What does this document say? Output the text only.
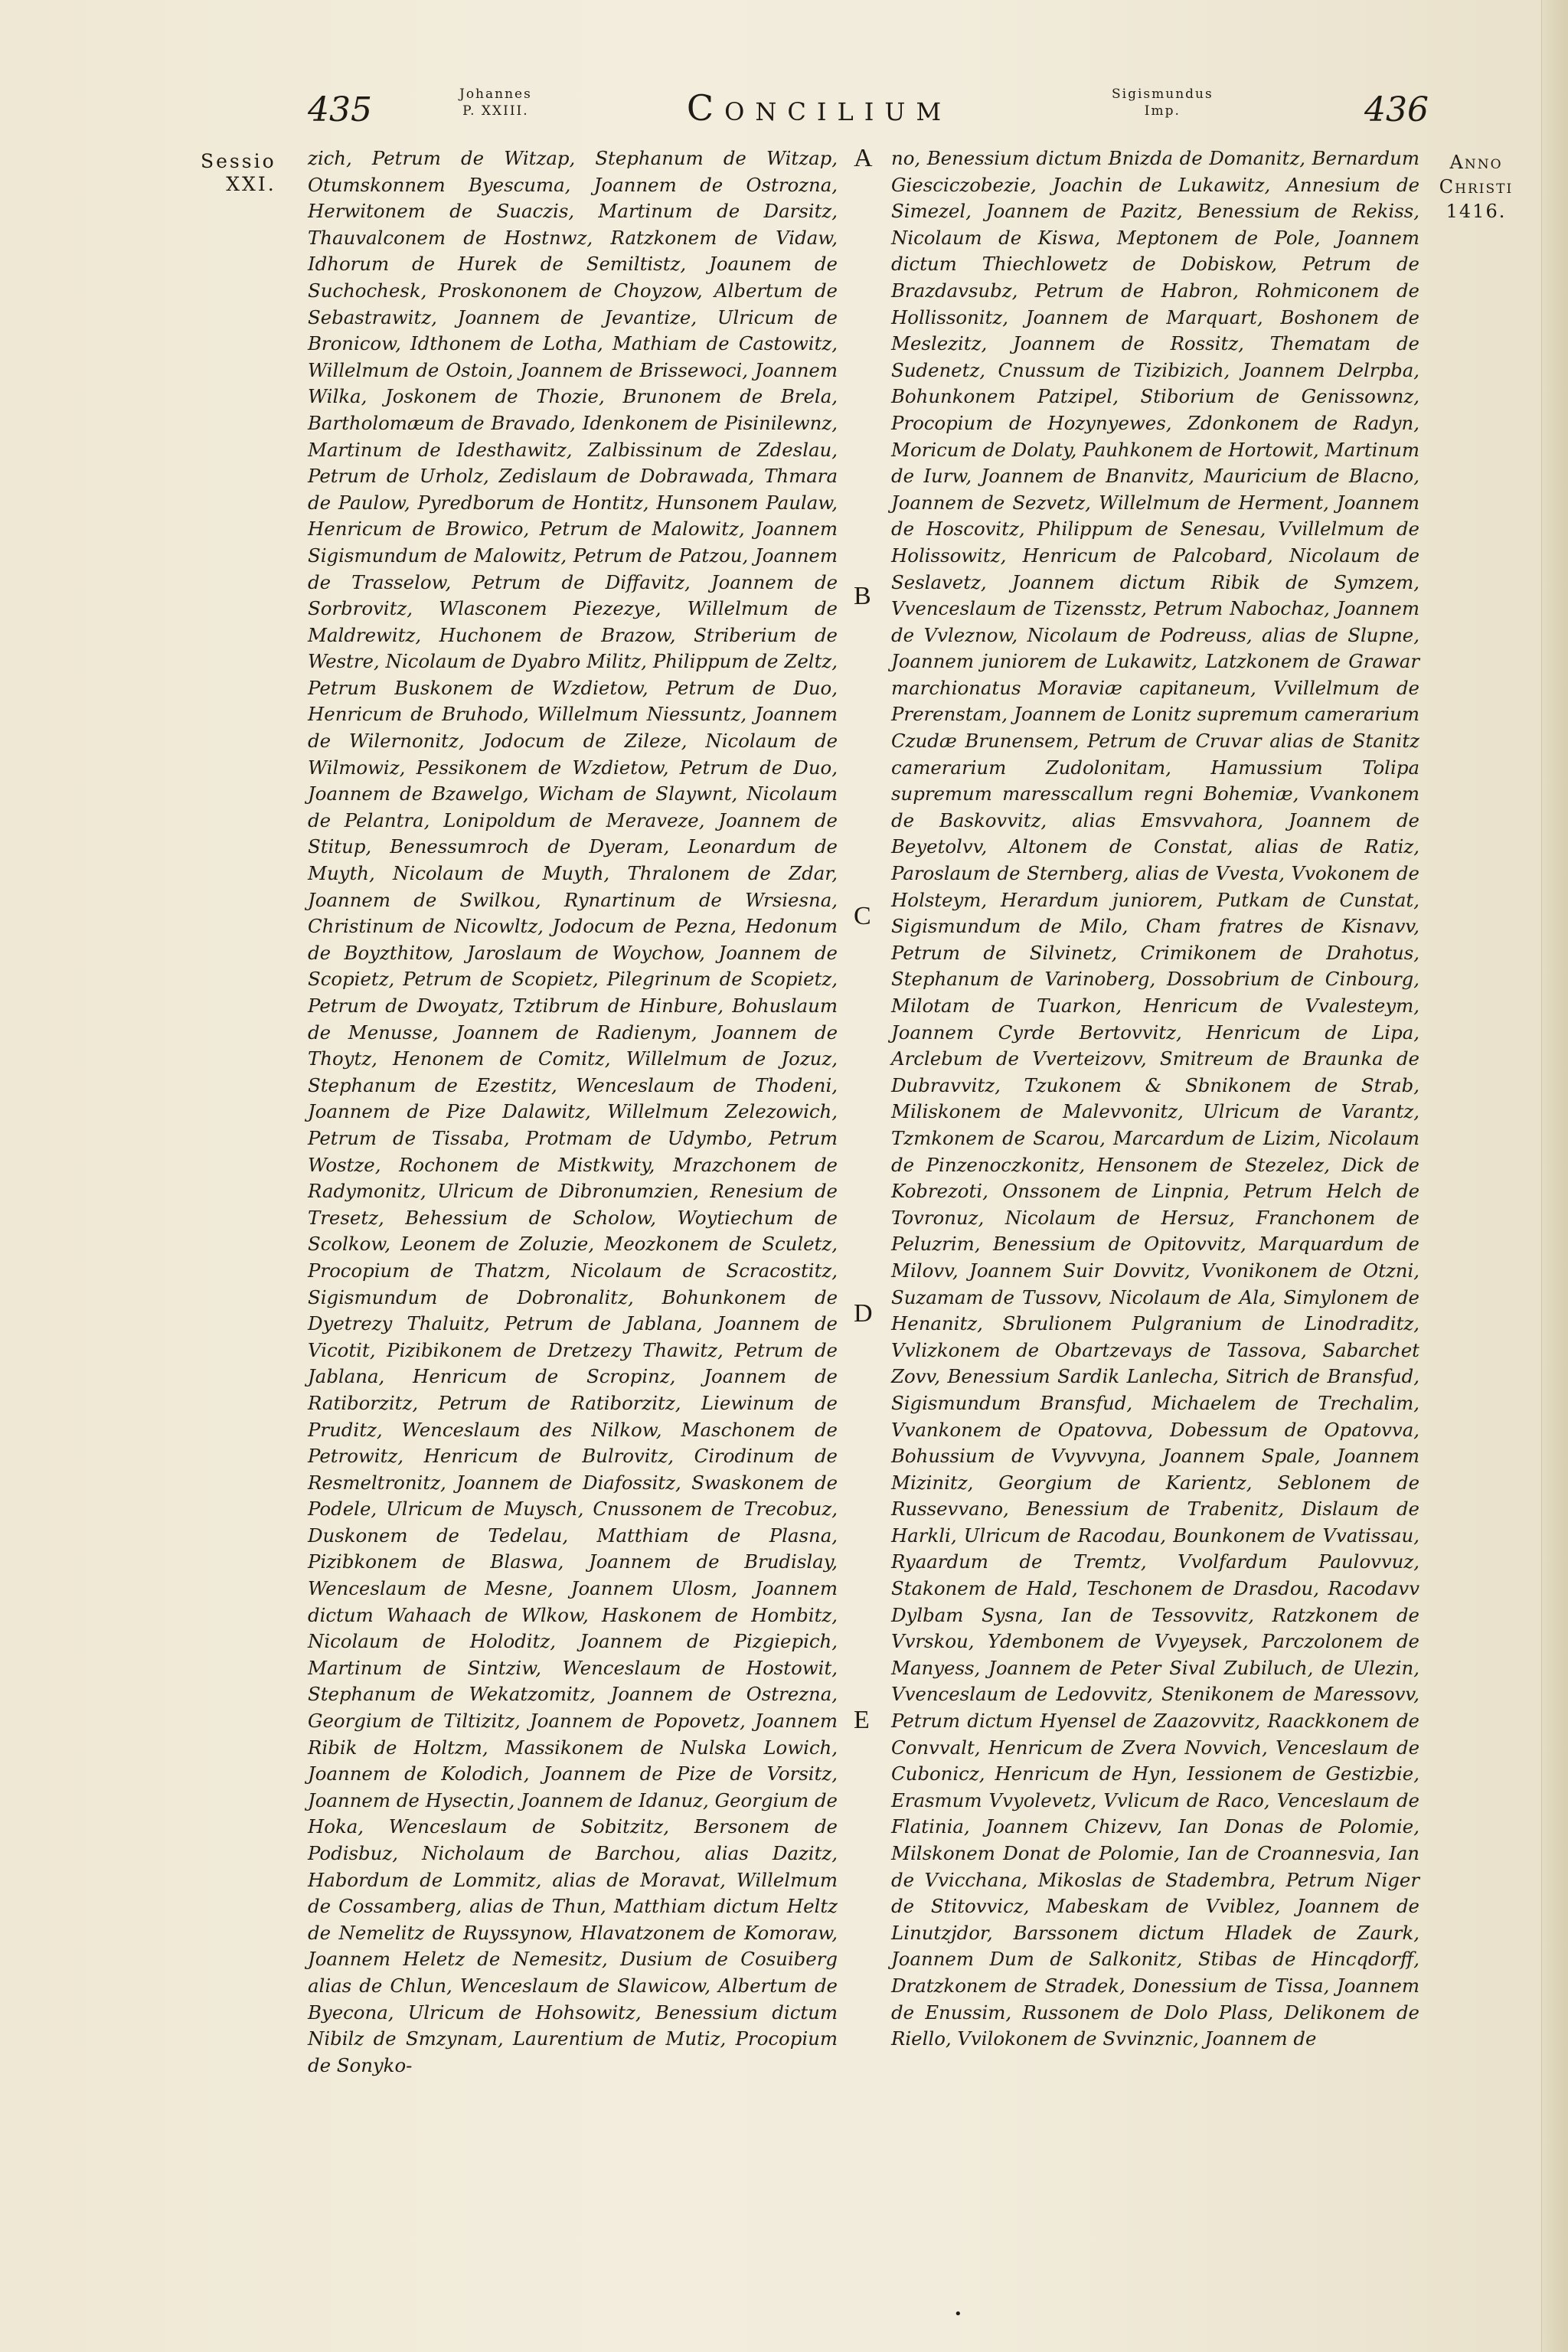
435	Johannes
P. XXIII.	Concilium	Sigismundus
Imp.	436
Sessio
XXI.
Anno
Christi
1416.
A
B
C
D
E
zich, Petrum de Witzap, Stephanum de Witzap, Otumskonnem Byescuma, Joannem de Ostrozna, Herwitonem de Suaczis, Martinum de Darsitz, Thauvalconem de Hostnwz, Ratzkonem de Vidaw, Idhorum de Hurek de Semiltistz, Joaunem de Suchochesk, Proskononem de Choyzow, Albertum de Sebastrawitz, Joannem de Jevantize, Ulricum de Bronicow, Idthonem de Lotha, Mathiam de Castowitz, Willelmum de Ostoin, Joannem de Brissewoci, Joannem Wilka, Joskonem de Thozie, Brunonem de Brela, Bartholomæum de Bravado, Idenkonem de Pisinilewnz, Martinum de Idesthawitz, Zalbissinum de Zdeslau, Petrum de Urholz, Zedislaum de Dobrawada, Thmara de Paulow, Pyredborum de Hontitz, Hunsonem Paulaw, Henricum de Browico, Petrum de Malowitz, Joannem Sigismundum de Malowitz, Petrum de Patzou, Joannem de Trasselow, Petrum de Diffavitz, Joannem de Sorbrovitz, Wlasconem Piezezye, Willelmum de Maldrewitz, Huchonem de Brazow, Striberium de Westre, Nicolaum de Dyabro Militz, Philippum de Zeltz, Petrum Buskonem de Wzdietow, Petrum de Duo, Henricum de Bruhodo, Willelmum Niessuntz, Joannem de Wilernonitz, Jodocum de Zileze, Nicolaum de Wilmowiz, Pessikonem de Wzdietow, Petrum de Duo, Joannem de Bzawelgo, Wicham de Slaywnt, Nicolaum de Pelantra, Lonipoldum de Meraveze, Joannem de Stitup, Benessumroch de Dyeram, Leonardum de Muyth, Nicolaum de Muyth, Thralonem de Zdar, Joannem de Swilkou, Rynartinum de Wrsiesna, Christinum de Nicowltz, Jodocum de Pezna, Hedonum de Boyzthitow, Jaroslaum de Woychow, Joannem de Scopietz, Petrum de Scopietz, Pilegrinum de Scopietz, Petrum de Dwoyatz, Tztibrum de Hinbure, Bohuslaum de Menusse, Joannem de Radienym, Joannem de Thoytz, Henonem de Comitz, Willelmum de Jozuz, Stephanum de Ezestitz, Wenceslaum de Thodeni, Joannem de Pize Dalawitz, Willelmum Zelezowich, Petrum de Tissaba, Protmam de Udymbo, Petrum Wostze, Rochonem de Mistkwity, Mrazchonem de Radymonitz, Ulricum de Dibronumzien, Renesium de Tresetz, Behessium de Scholow, Woytiechum de Scolkow, Leonem de Zoluzie, Meozkonem de Sculetz, Procopium de Thatzm, Nicolaum de Scracostitz, Sigismundum de Dobronalitz, Bohunkonem de Dyetrezy Thaluitz, Petrum de Jablana, Joannem de Vicotit, Pizibikonem de Dretzezy Thawitz, Petrum de Jablana, Henricum de Scropinz, Joannem de Ratiborzitz, Petrum de Ratiborzitz, Liewinum de Pruditz, Wenceslaum des Nilkow, Maschonem de Petrowitz, Henricum de Bulrovitz, Cirodinum de Resmeltronitz, Joannem de Diafossitz, Swaskonem de Podele, Ulricum de Muysch, Cnussonem de Trecobuz, Duskonem de Tedelau, Matthiam de Plasna, Pizibkonem de Blaswa, Joannem de Brudislay, Wenceslaum de Mesne, Joannem Ulosm, Joannem dictum Wahaach de Wlkow, Haskonem de Hombitz, Nicolaum de Holoditz, Joannem de Pizgiepich, Martinum de Sintziw, Wenceslaum de Hostowit, Stephanum de Wekatzomitz, Joannem de Ostrezna, Georgium de Tiltizitz, Joannem de Popovetz, Joannem Ribik de Holtzm, Massikonem de Nulska Lowich, Joannem de Kolodich, Joannem de Pize de Vorsitz, Joannem de Hysectin, Joannem de Idanuz, Georgium de Hoka, Wenceslaum de Sobitzitz, Bersonem de Podisbuz, Nicholaum de Barchou, alias Dazitz, Habordum de Lommitz, alias de Moravat, Willelmum de Cossamberg, alias de Thun, Matthiam dictum Heltz de Nemelitz de Ruyssynow, Hlavatzonem de Komoraw, Joannem Heletz de Nemesitz, Dusium de Cosuiberg alias de Chlun, Wenceslaum de Slawicow, Albertum de Byecona, Ulricum de Hohsowitz, Benessium dictum Nibilz de Smzynam, Laurentium de Mutiz, Procopium de Sonyko-
no, Benessium dictum Bnizda de Domanitz, Bernardum Giesciczobezie, Joachin de Lukawitz, Annesium de Simezel, Joannem de Pazitz, Benessium de Rekiss, Nicolaum de Kiswa, Meptonem de Pole, Joannem dictum Thiechlowetz de Dobiskow, Petrum de Brazdavsubz, Petrum de Habron, Rohmiconem de Hollissonitz, Joannem de Marquart, Boshonem de Meslezitz, Joannem de Rossitz, Thematam de Sudenetz, Cnussum de Tizibizich, Joannem Delrpba, Bohunkonem Patzipel, Stiborium de Genissownz, Procopium de Hozynyewes, Zdonkonem de Radyn, Moricum de Dolaty, Pauhkonem de Hortowit, Martinum de Iurw, Joannem de Bnanvitz, Mauricium de Blacno, Joannem de Sezvetz, Willelmum de Herment, Joannem de Hoscovitz, Philippum de Senesau, Vvillelmum de Holissowitz, Henricum de Palcobard, Nicolaum de Seslavetz, Joannem dictum Ribik de Symzem, Vvenceslaum de Tizensstz, Petrum Nabochaz, Joannem de Vvleznow, Nicolaum de Podreuss, alias de Slupne, Joannem juniorem de Lukawitz, Latzkonem de Grawar marchionatus Moraviæ capitaneum, Vvillelmum de Prerenstam, Joannem de Lonitz supremum camerarium Czudæ Brunensem, Petrum de Cruvar alias de Stanitz camerarium Zudolonitam, Hamussium Tolipa supremum maresscallum regni Bohemiæ, Vvankonem de Baskovvitz, alias Emsvvahora, Joannem de Beyetolvv, Altonem de Constat, alias de Ratiz, Paroslaum de Sternberg, alias de Vvesta, Vvokonem de Holsteym, Herardum juniorem, Putkam de Cunstat, Sigismundum de Milo, Cham fratres de Kisnavv, Petrum de Silvinetz, Crimikonem de Drahotus, Stephanum de Varinoberg, Dossobrium de Cinbourg, Milotam de Tuarkon, Henricum de Vvalesteym, Joannem Cyrde Bertovvitz, Henricum de Lipa, Arclebum de Vverteizovv, Smitreum de Braunka de Dubravvitz, Tzukonem & Sbnikonem de Strab, Miliskonem de Malevvonitz, Ulricum de Varantz, Tzmkonem de Scarou, Marcardum de Lizim, Nicolaum de Pinzenoczkonitz, Hensonem de Stezelez, Dick de Kobrezoti, Onssonem de Linpnia, Petrum Helch de Tovronuz, Nicolaum de Hersuz, Franchonem de Peluzrim, Benessium de Opitovvitz, Marquardum de Milovv, Joannem Suir Dovvitz, Vvonikonem de Otzni, Suzamam de Tussovv, Nicolaum de Ala, Simylonem de Henanitz, Sbrulionem Pulgranium de Linodraditz, Vvlizkonem de Obartzevays de Tassova, Sabarchet Zovv, Benessium Sardik Lanlecha, Sitrich de Bransfud, Sigismundum Bransfud, Michaelem de Trechalim, Vvankonem de Opatovva, Dobessum de Opatovva, Bohussium de Vvyvvyna, Joannem Spale, Joannem Mizinitz, Georgium de Karientz, Seblonem de Russevvano, Benessium de Trabenitz, Dislaum de Harkli, Ulricum de Racodau, Bounkonem de Vvatissau, Ryaardum de Tremtz, Vvolfardum Paulovvuz, Stakonem de Hald, Teschonem de Drasdou, Racodavv Dylbam Sysna, Ian de Tessovvitz, Ratzkonem de Vvrskou, Ydembonem de Vvyeysek, Parczolonem de Manyess, Joannem de Peter Sival Zubiluch, de Ulezin, Vvenceslaum de Ledovvitz, Stenikonem de Maressovv, Petrum dictum Hyensel de Zaazovvitz, Raackkonem de Convvalt, Henricum de Zvera Novvich, Venceslaum de Cubonicz, Henricum de Hyn, Iessionem de Gestizbie, Erasmum Vvyolevetz, Vvlicum de Raco, Venceslaum de Flatinia, Joannem Chizevv, Ian Donas de Polomie, Milskonem Donat de Polomie, Ian de Croannesvia, Ian de Vvicchana, Mikoslas de Stadembra, Petrum Niger de Stitovvicz, Mabeskam de Vviblez, Joannem de Linutzjdor, Barssonem dictum Hladek de Zaurk, Joannem Dum de Salkonitz, Stibas de Hincqdorff, Dratzkonem de Stradek, Donessium de Tissa, Joannem de Enussim, Russonem de Dolo Plass, Delikonem de Riello, Vvilokonem de Svvinznic, Joannem de
•
